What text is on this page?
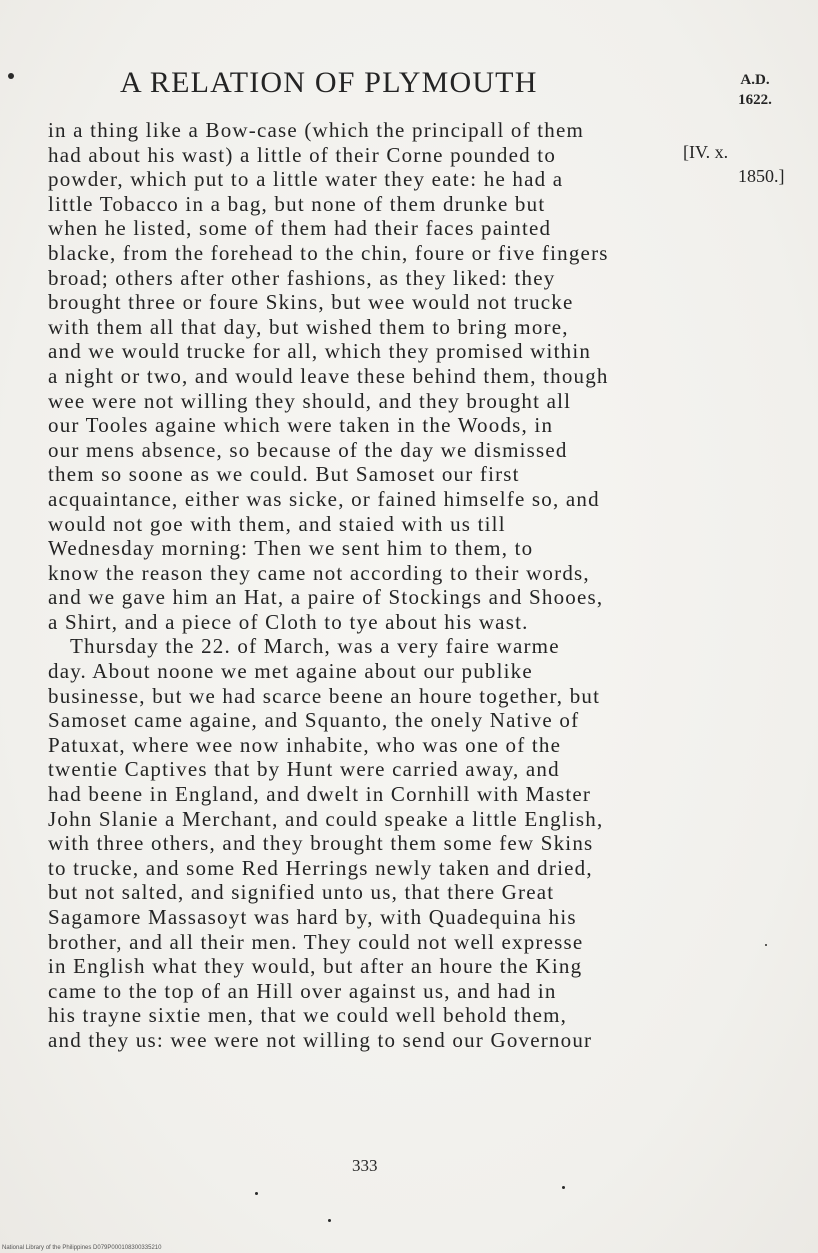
A RELATION OF PLYMOUTH	A.D.
1622.
[IV. x.
1850.]
in a thing like a Bow-case (which the principall of them
had about his wast) a little of their Corne pounded to
powder, which put to a little water they eate: he had a
little Tobacco in a bag, but none of them drunke but
when he listed, some of them had their faces painted
blacke, from the forehead to the chin, foure or five fingers
broad; others after other fashions, as they liked: they
brought three or foure Skins, but wee would not trucke
with them all that day, but wished them to bring more,
and we would trucke for all, which they promised within
a night or two, and would leave these behind them, though
wee were not willing they should, and they brought all
our Tooles againe which were taken in the Woods, in
our mens absence, so because of the day we dismissed
them so soone as we could. But Samoset our first
acquaintance, either was sicke, or fained himselfe so, and
would not goe with them, and staied with us till
Wednesday morning: Then we sent him to them, to
know the reason they came not according to their words,
and we gave him an Hat, a paire of Stockings and Shooes,
a Shirt, and a piece of Cloth to tye about his wast.
Thursday the 22. of March, was a very faire warme
day. About noone we met againe about our publike
businesse, but we had scarce beene an houre together, but
Samoset came againe, and Squanto, the onely Native of
Patuxat, where wee now inhabite, who was one of the
twentie Captives that by Hunt were carried away, and
had beene in England, and dwelt in Cornhill with Master
John Slanie a Merchant, and could speake a little English,
with three others, and they brought them some few Skins
to trucke, and some Red Herrings newly taken and dried,
but not salted, and signified unto us, that there Great
Sagamore Massasoyt was hard by, with Quadequina his
brother, and all their men. They could not well expresse
in English what they would, but after an houre the King
came to the top of an Hill over against us, and had in
his trayne sixtie men, that we could well behold them,
and they us: wee were not willing to send our Governour
333
National Library of the Philippines D079P000108300335210
